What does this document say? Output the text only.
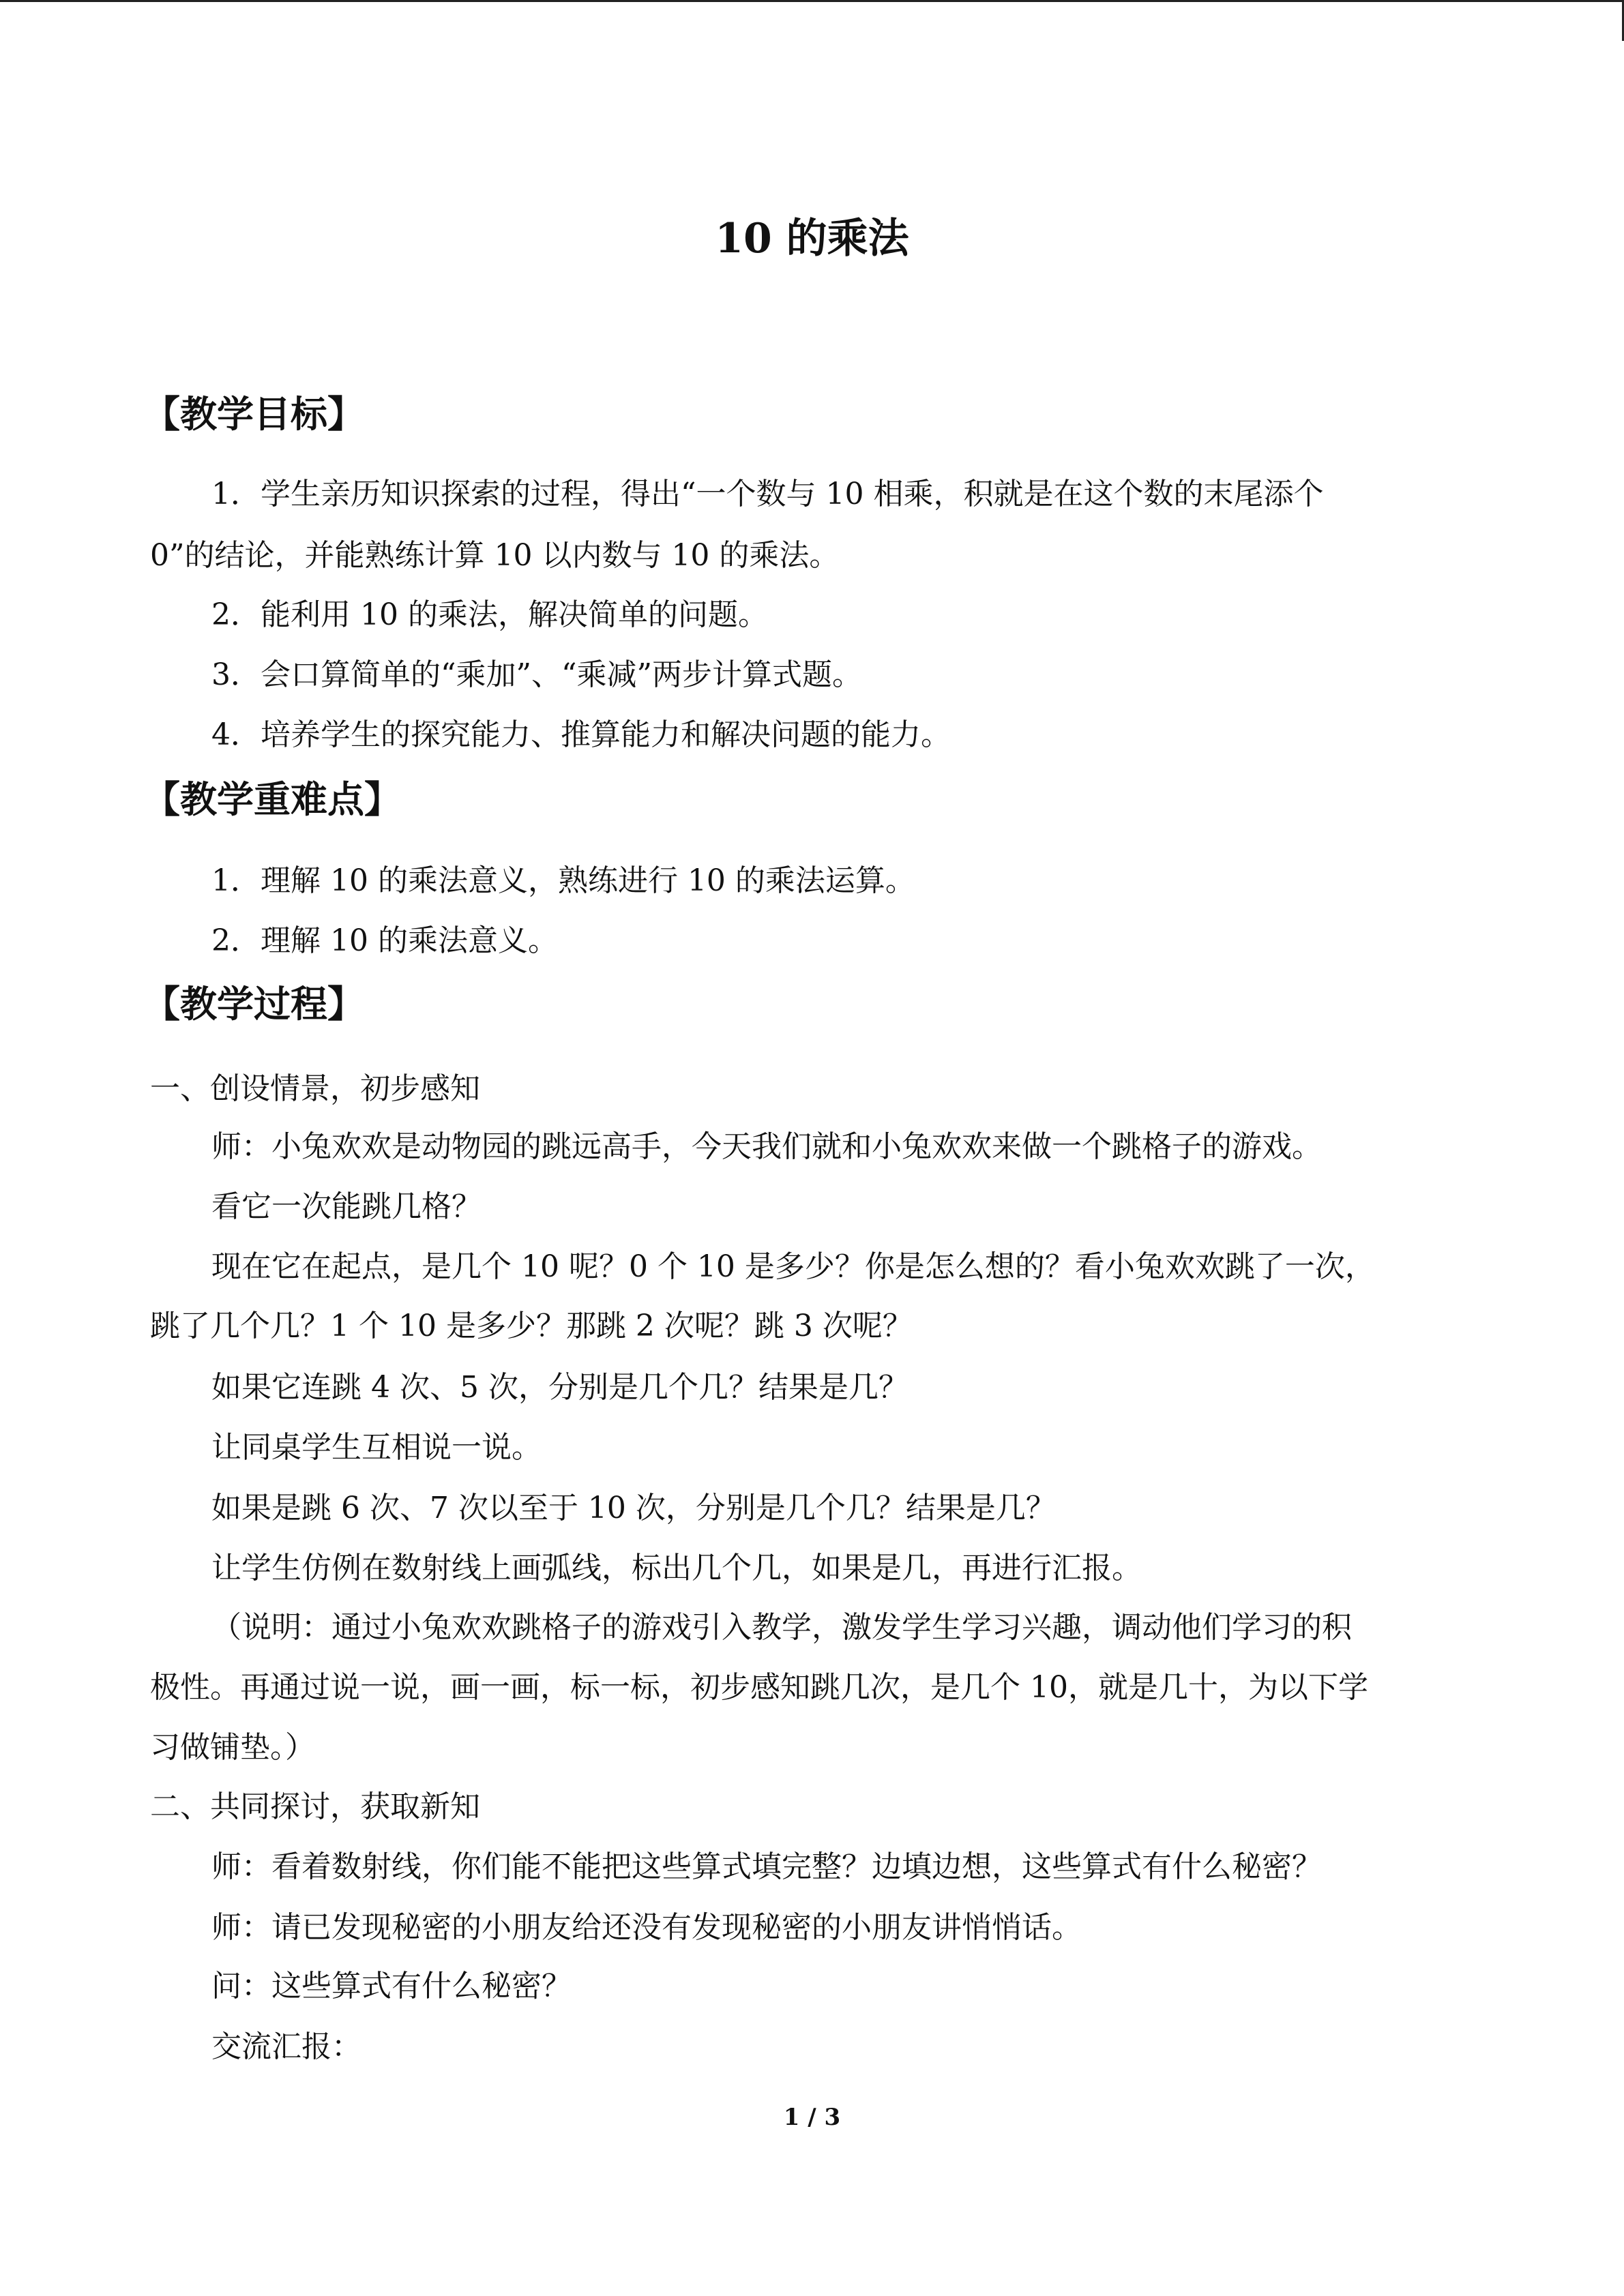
10 的乘法
【教学目标】
1．学生亲历知识探索的过程，得出“一个数与 10 相乘，积就是在这个数的末尾添个
0”的结论，并能熟练计算 10 以内数与 10 的乘法。
2．能利用 10 的乘法，解决简单的问题。
3．会口算简单的“乘加”、“乘减”两步计算式题。
4．培养学生的探究能力、推算能力和解决问题的能力。
【教学重难点】
1．理解 10 的乘法意义，熟练进行 10 的乘法运算。
2．理解 10 的乘法意义。
【教学过程】
一、创设情景，初步感知
师：小兔欢欢是动物园的跳远高手，今天我们就和小兔欢欢来做一个跳格子的游戏。
看它一次能跳几格？
现在它在起点，是几个 10 呢？0 个 10 是多少？你是怎么想的？看小兔欢欢跳了一次，
跳了几个几？1 个 10 是多少？那跳 2 次呢？跳 3 次呢？
如果它连跳 4 次、5 次，分别是几个几？结果是几？
让同桌学生互相说一说。
如果是跳 6 次、7 次以至于 10 次，分别是几个几？结果是几？
让学生仿例在数射线上画弧线，标出几个几，如果是几，再进行汇报。
（说明：通过小兔欢欢跳格子的游戏引入教学，激发学生学习兴趣，调动他们学习的积
极性。再通过说一说，画一画，标一标，初步感知跳几次，是几个 10，就是几十，为以下学
习做铺垫。）
二、共同探讨，获取新知
师：看着数射线，你们能不能把这些算式填完整？边填边想，这些算式有什么秘密？
师：请已发现秘密的小朋友给还没有发现秘密的小朋友讲悄悄话。
问：这些算式有什么秘密？
交流汇报：
1 / 3
